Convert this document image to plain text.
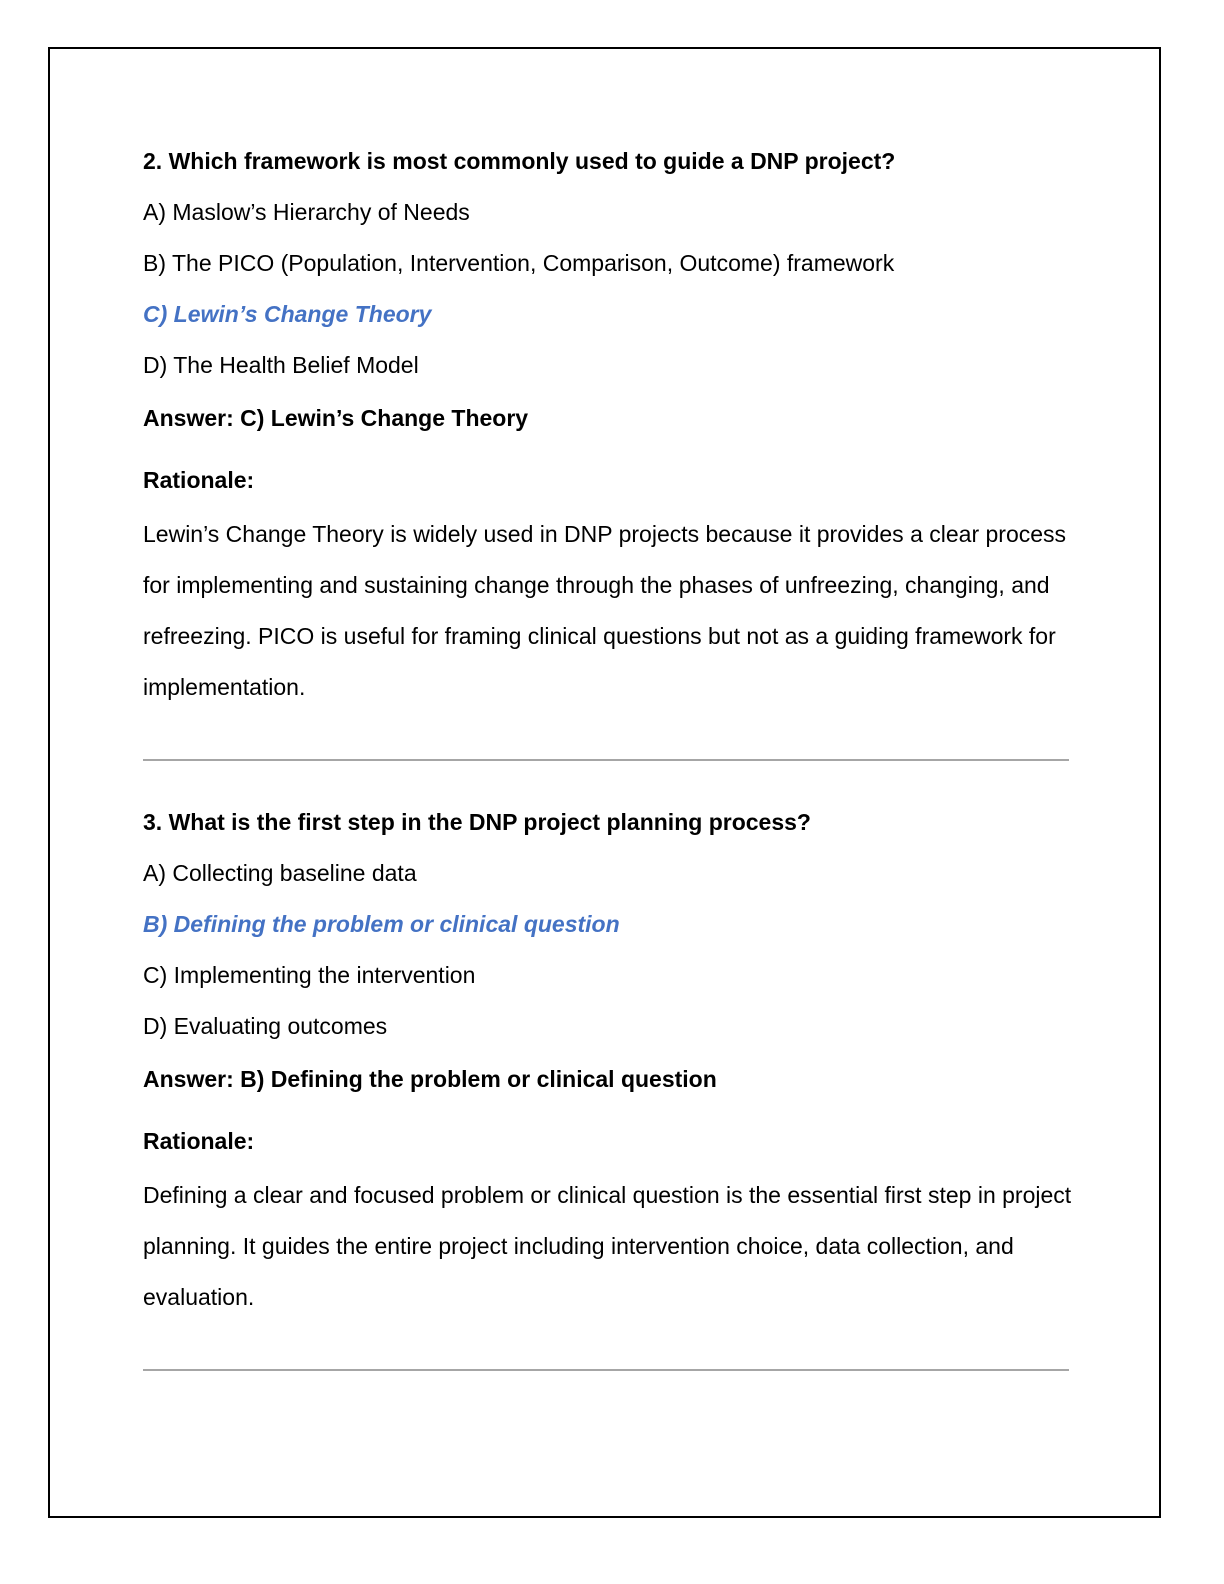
2. Which framework is most commonly used to guide a DNP project?

A) Maslow’s Hierarchy of Needs

B) The PICO (Population, Intervention, Comparison, Outcome) framework

C) Lewin’s Change Theory

D) The Health Belief Model

Answer: C) Lewin’s Change Theory

Rationale:

Lewin’s Change Theory is widely used in DNP projects because it provides a clear process for implementing and sustaining change through the phases of unfreezing, changing, and refreezing. PICO is useful for framing clinical questions but not as a guiding framework for implementation.

3. What is the first step in the DNP project planning process?

A) Collecting baseline data

B) Defining the problem or clinical question

C) Implementing the intervention

D) Evaluating outcomes

Answer: B) Defining the problem or clinical question

Rationale:

Defining a clear and focused problem or clinical question is the essential first step in project planning. It guides the entire project including intervention choice, data collection, and evaluation.
